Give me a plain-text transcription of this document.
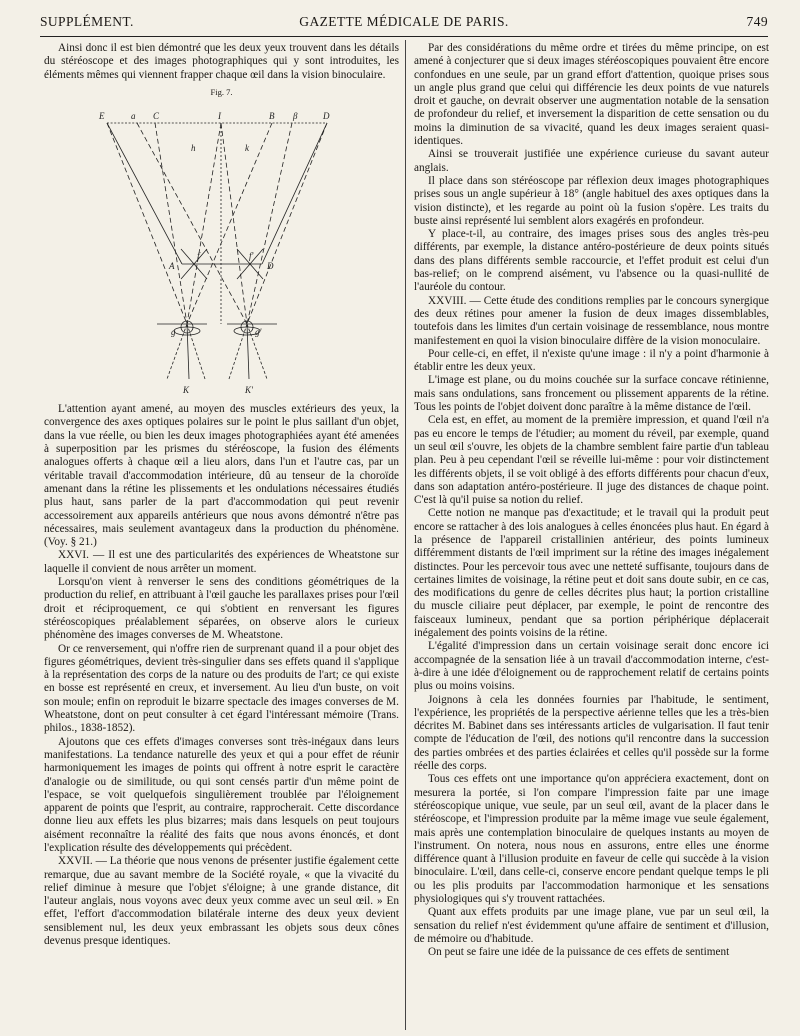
SUPPLÉMENT.	GAZETTE MÉDICALE DE PARIS.	749

Ainsi donc il est bien démontré que les deux yeux trouvent dans les détails du stéréoscope et des images photographiques qui y sont introduites, les éléments mêmes qui viennent frapper chaque œil dans la vision binoculaire.

Fig. 7.

E	a C	I	B β	D
h	k
A
f	f'
D
g	g'
K	K'

L'attention ayant amené, au moyen des muscles extérieurs des yeux, la convergence des axes optiques polaires sur le point le plus saillant d'un objet, dans la vue réelle, ou bien les deux images photographiées ayant été amenées à superposition par les prismes du stéréoscope, la fusion des éléments analogues offerts à chaque œil a lieu alors, dans l'un et l'autre cas, par un véritable travail d'accommodation intérieure, dû au tenseur de la choroïde amenant dans la rétine les plissements et les ondulations nécessaires étudiés plus haut, sans parler de la part d'accommodation qui peut revenir accessoirement aux appareils antérieurs que nous avons démontré n'être pas nécessaires, mais seulement avantageux dans la production du phénomène. (Voy. § 21.)

XXVI. — Il est une des particularités des expériences de Wheatstone sur laquelle il convient de nous arrêter un moment.

Lorsqu'on vient à renverser le sens des conditions géométriques de la production du relief, en attribuant à l'œil gauche les parallaxes prises pour l'œil droit et réciproquement, ce qui s'obtient en renversant les figures stéréoscopiques préalablement séparées, on observe alors le curieux phénomène des images converses de M. Wheatstone.

Or ce renversement, qui n'offre rien de surprenant quand il a pour objet des figures géométriques, devient très-singulier dans ses effets quand il s'applique à la représentation des corps de la nature ou des produits de l'art; ce qui existe en bosse est représenté en creux, et inversement. Au lieu d'un buste, on voit son moule; enfin on reproduit le bizarre spectacle des images converses de M. Wheatstone, dont on peut consulter à cet égard l'intéressant mémoire (Trans. philos., 1838-1852).

Ajoutons que ces effets d'images converses sont très-inégaux dans leurs manifestations. La tendance naturelle des yeux et qui a pour effet de réunir harmoniquement les images de points qui offrent à notre esprit le caractère d'analogie ou de similitude, ou qui sont censés partir d'un même point de l'espace, se voit quelquefois singulièrement troublée par l'éloignement apparent de points que l'esprit, au contraire, rapprocherait. Cette discordance donne lieu aux effets les plus bizarres; mais dans lesquels on peut toujours aisément reconnaître la réalité des faits que nous avons énoncés, et dont l'explication résulte des développements qui précèdent.

XXVII. — La théorie que nous venons de présenter justifie également cette remarque, due au savant membre de la Société royale, « que la vivacité du relief diminue à mesure que l'objet s'éloigne; à une grande distance, dit l'auteur anglais, nous voyons avec deux yeux comme avec un seul œil. » En effet, l'effort d'accommodation bilatérale interne des deux yeux devient sensiblement nul, les deux yeux embrassant les objets sous deux cônes devenus presque identiques.

Par des considérations du même ordre et tirées du même principe, on est amené à conjecturer que si deux images stéréoscopiques pouvaient être encore confondues en une seule, par un grand effort d'attention, quoique prises sous un angle plus grand que celui qui différencie les deux points de vue naturels droit et gauche, on devrait observer une augmentation notable de la sensation de profondeur du relief, et inversement la disparition de cette sensation ou du moins la diminution de sa vivacité, quand les deux images seraient quasi-identiques.

Ainsi se trouverait justifiée une expérience curieuse du savant auteur anglais.

Il place dans son stéréoscope par réflexion deux images photographiques prises sous un angle supérieur à 18° (angle habituel des axes optiques dans la vision distincte), et les regarde au point où la fusion s'opère. Les traits du buste ainsi représenté lui semblent alors exagérés en profondeur.

Y place-t-il, au contraire, des images prises sous des angles très-peu différents, par exemple, la distance antéro-postérieure de deux points situés dans des plans différents semble raccourcie, et l'effet produit est celui d'un bas-relief; on le comprend aisément, vu l'absence ou la quasi-nullité de l'auréole du contour.

XXVIII. — Cette étude des conditions remplies par le concours synergique des deux rétines pour amener la fusion de deux images dissemblables, toutefois dans les limites d'un certain voisinage de ressemblance, nous montre manifestement en quoi la vision binoculaire diffère de la vision monoculaire.

Pour celle-ci, en effet, il n'existe qu'une image : il n'y a point d'harmonie à établir entre les deux yeux.

L'image est plane, ou du moins couchée sur la surface concave rétinienne, mais sans ondulations, sans froncement ou plissement apparents de la rétine. Tous les points de l'objet doivent donc paraître à la même distance de l'œil.

Cela est, en effet, au moment de la première impression, et quand l'œil n'a pas eu encore le temps de l'étudier; au moment du réveil, par exemple, quand un seul œil s'ouvre, les objets de la chambre semblent faire partie d'un tableau plan. Peu à peu cependant l'œil se réveille lui-même : pour voir distinctement les différents objets, il se voit obligé à des efforts différents pour chacun d'eux, dans son adaptation antéro-postérieure. Il juge des distances de chaque point. C'est là qu'il puise sa notion du relief.

Cette notion ne manque pas d'exactitude; et le travail qui la produit peut encore se rattacher à des lois analogues à celles énoncées plus haut. En égard à la présence de l'appareil cristallinien antérieur, des points lumineux différemment distants de l'œil impriment sur la rétine des images inégalement distinctes. Pour les percevoir tous avec une netteté suffisante, toujours dans de certaines limites de voisinage, la rétine peut et doit sans doute subir, en ce cas, des modifications du genre de celles décrites plus haut; la portion cristalline du muscle ciliaire peut déplacer, par exemple, le point de rencontre des faisceaux lumineux, pendant que sa portion périphérique déplacerait inégalement des points voisins de la rétine.

L'égalité d'impression dans un certain voisinage serait donc encore ici accompagnée de la sensation liée à un travail d'accommodation interne, c'est-à-dire à une idée d'éloignement ou de rapprochement relatif de certains points plus ou moins voisins.

Joignons à cela les données fournies par l'habitude, le sentiment, l'expérience, les propriétés de la perspective aérienne telles que les a très-bien décrites M. Babinet dans ses intéressants articles de vulgarisation. Il faut tenir compte de l'éducation de l'œil, des notions qu'il rencontre dans la succession des parties ombrées et des parties éclairées et celles qu'il possède sur la forme réelle des corps.

Tous ces effets ont une importance qu'on appréciera exactement, dont on mesurera la portée, si l'on compare l'impression faite par une image stéréoscopique unique, vue seule, par un seul œil, avant de la placer dans le stéréoscope, et l'impression produite par la même image vue seule également, mais après une contemplation binoculaire de quelques instants au moyen de l'instrument. On notera, nous nous en assurons, entre elles une énorme différence quant à l'illusion produite en faveur de celle qui succède à la vision binoculaire. L'œil, dans celle-ci, conserve encore pendant quelque temps le pli ou les plis produits par l'accommodation harmonique et les sensations physiologiques qui s'y trouvent rattachées.

Quant aux effets produits par une image plane, vue par un seul œil, la sensation du relief n'est évidemment qu'une affaire de sentiment et d'illusion, de mémoire ou d'habitude.

On peut se faire une idée de la puissance de ces effets de sentiment
